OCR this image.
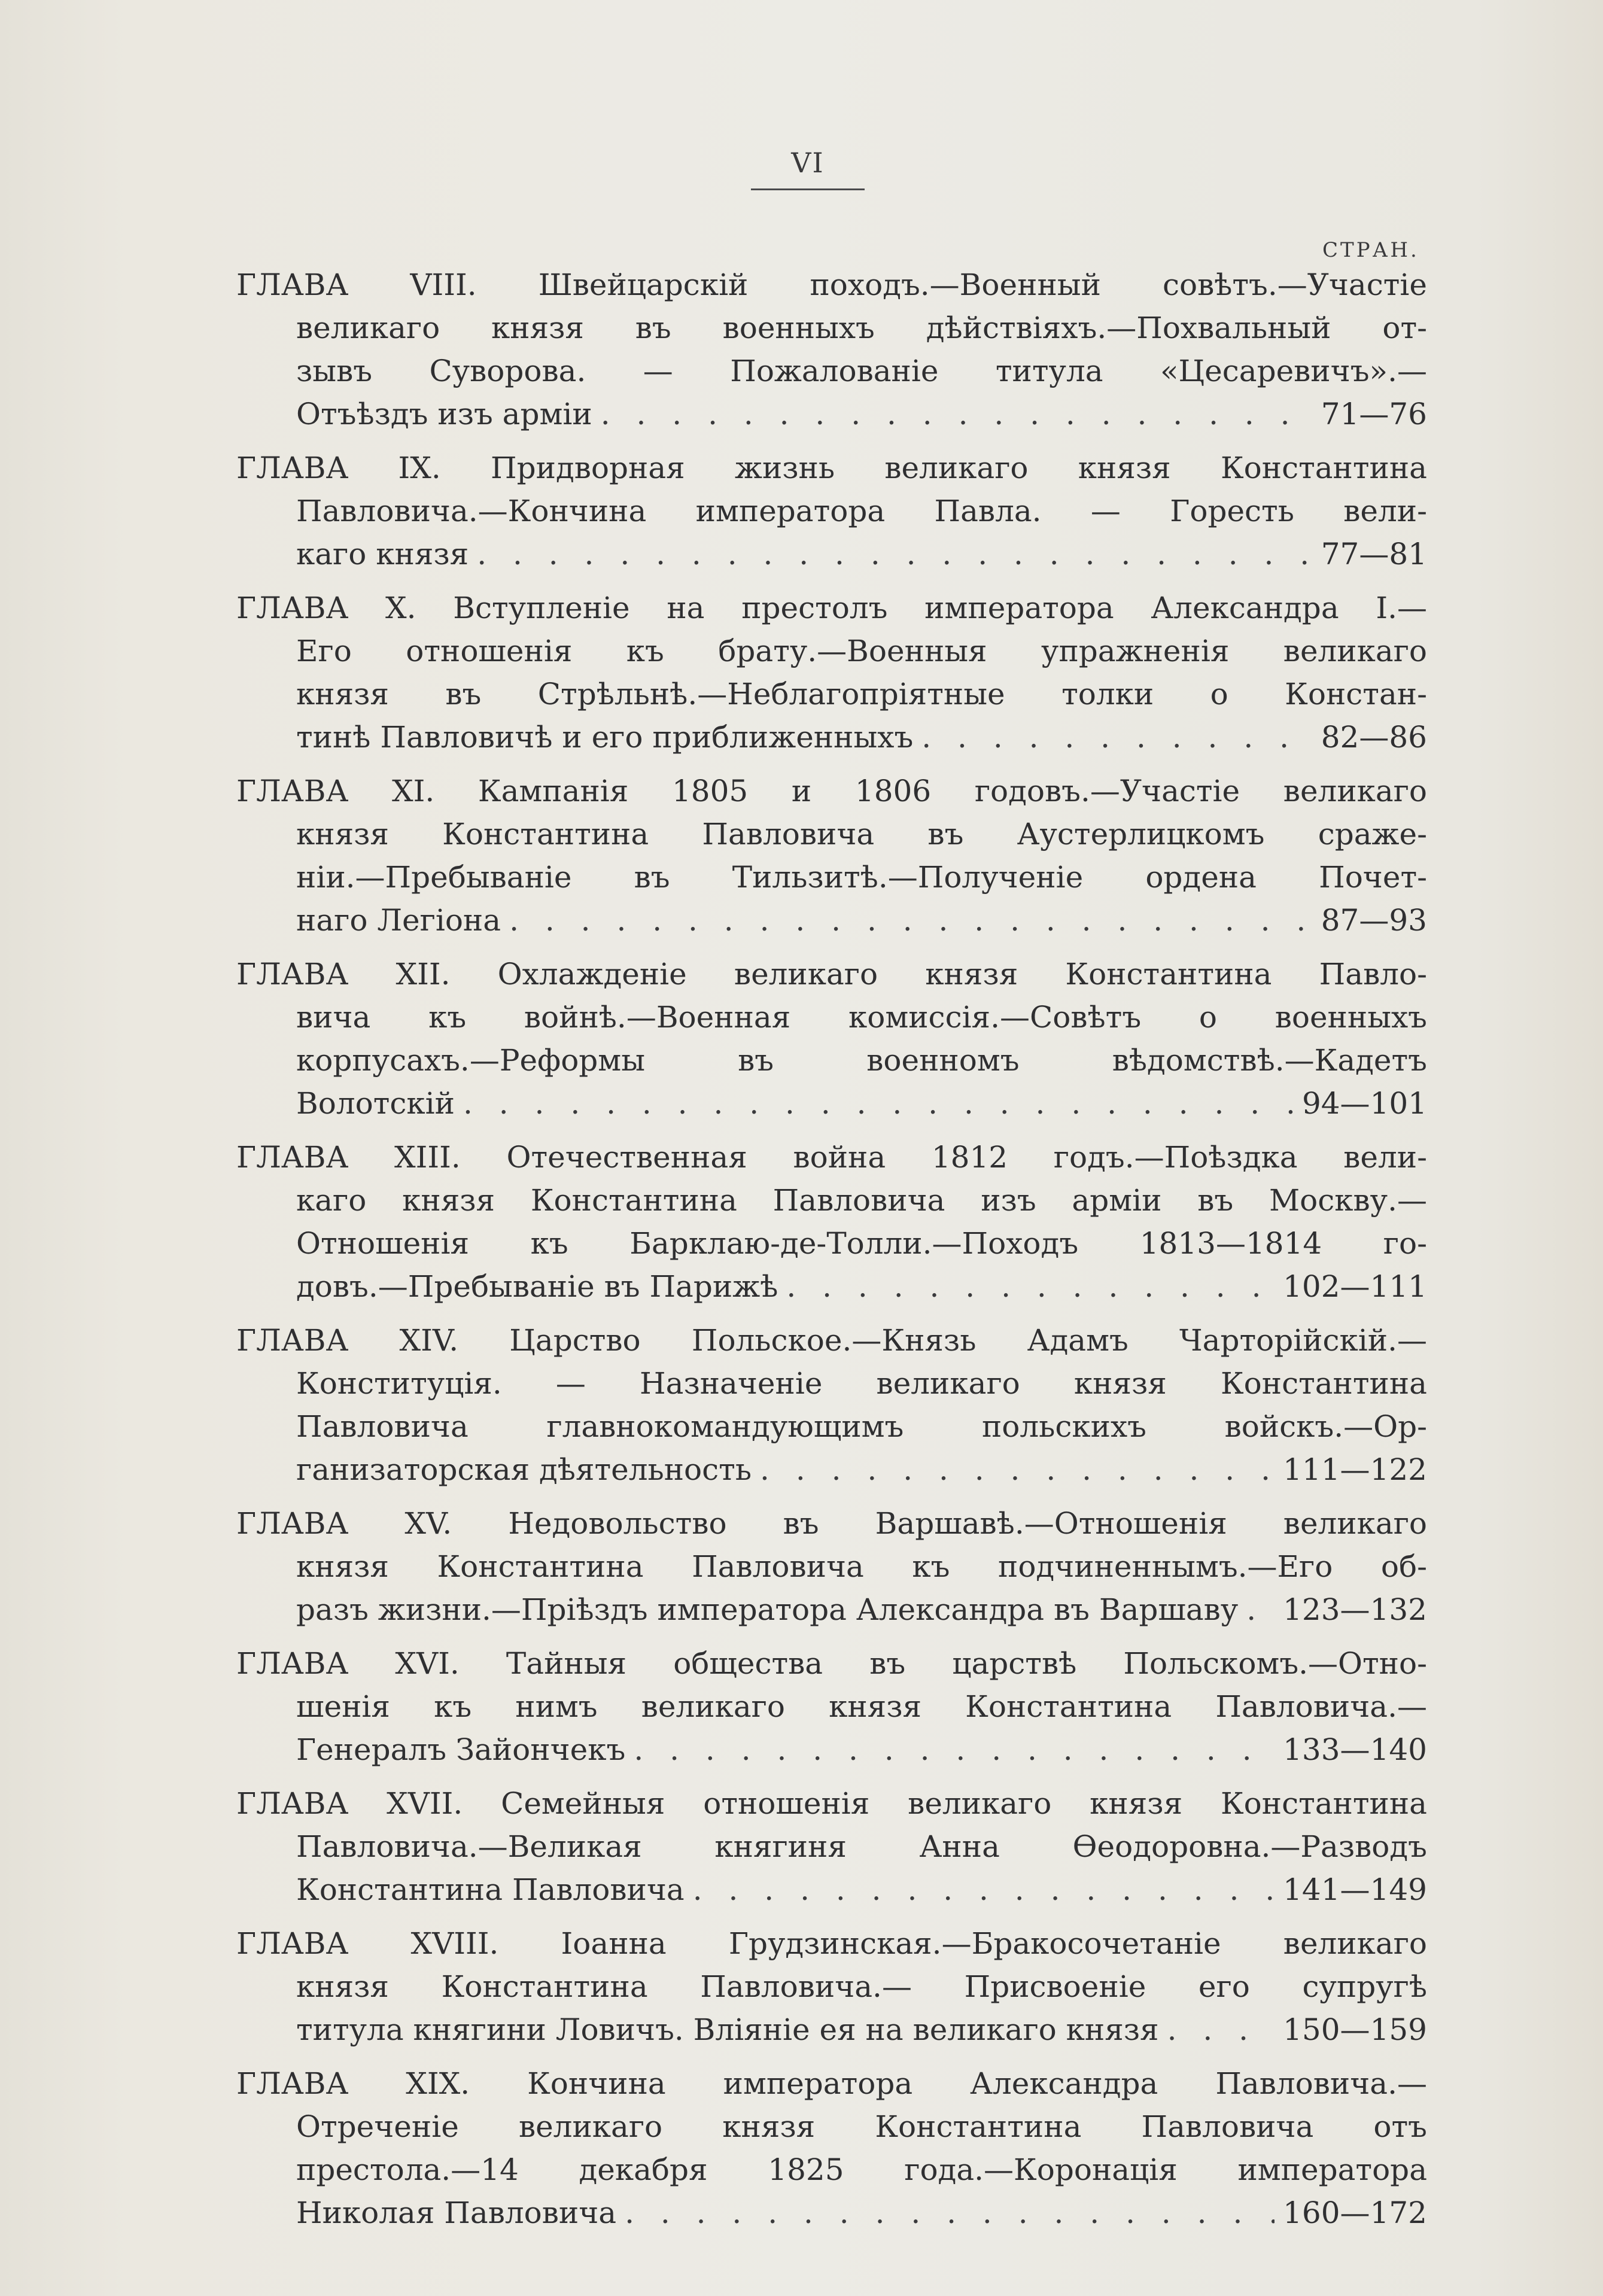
VI
СТРАН.
ГЛАВА VIII. Швейцарскій походъ.—Военный совѣтъ.—Участіе
великаго князя въ военныхъ дѣйствіяхъ.—Похвальный от-
зывъ Суворова. — Пожалованіе титула «Цесаревичъ».—
Отъѣздъ изъ арміи . . .	71—76
ГЛАВА IX. Придворная жизнь великаго князя Константина
Павловича.—Кончина императора Павла. — Горесть вели-
каго князя . . .	77—81
ГЛАВА X. Вступленіе на престолъ императора Александра I.—
Его отношенія къ брату.—Военныя упражненія великаго
князя въ Стрѣльнѣ.—Неблагопріятные толки о Констан-
тинѣ Павловичѣ и его приближенныхъ . . .	82—86
ГЛАВА XI. Кампанія 1805 и 1806 годовъ.—Участіе великаго
князя Константина Павловича въ Аустерлицкомъ сраже-
ніи.—Пребываніе въ Тильзитѣ.—Полученіе ордена Почет-
наго Легіона . . .	87—93
ГЛАВА XII. Охлажденіе великаго князя Константина Павло-
вича къ войнѣ.—Военная комиссія.—Совѣтъ о военныхъ
корпусахъ.—Реформы въ военномъ вѣдомствѣ.—Кадетъ
Волотскій . . .	94—101
ГЛАВА XIII. Отечественная война 1812 годъ.—Поѣздка вели-
каго князя Константина Павловича изъ арміи въ Москву.—
Отношенія къ Барклаю-де-Толли.—Походъ 1813—1814 го-
довъ.—Пребываніе въ Парижѣ . . .	102—111
ГЛАВА XIV. Царство Польское.—Князь Адамъ Чарторійскій.—
Конституція. — Назначеніе великаго князя Константина
Павловича главнокомандующимъ польскихъ войскъ.—Ор-
ганизаторская дѣятельность . . .	111—122
ГЛАВА XV. Недовольство въ Варшавѣ.—Отношенія великаго
князя Константина Павловича къ подчиненнымъ.—Его об-
разъ жизни.—Пріѣздъ императора Александра въ Варшаву . . . 123—132
ГЛАВА XVI. Тайныя общества въ царствѣ Польскомъ.—Отно-
шенія къ нимъ великаго князя Константина Павловича.—
Генералъ Зайончекъ . . .	133—140
ГЛАВА XVII. Семейныя отношенія великаго князя Константина
Павловича.—Великая княгиня Анна Ѳеодоровна.—Разводъ
Константина Павловича . . .	141—149
ГЛАВА XVIII. Іоанна Грудзинская.—Бракосочетаніе великаго
князя Константина Павловича.— Присвоеніе его супругѣ
титула княгини Ловичъ. Вліяніе ея на великаго князя . . .	150—159
ГЛАВА XIX. Кончина императора Александра Павловича.—
Отреченіе великаго князя Константина Павловича отъ
престола.—14 декабря 1825 года.—Коронація императора
Николая Павловича . . .	160—172
